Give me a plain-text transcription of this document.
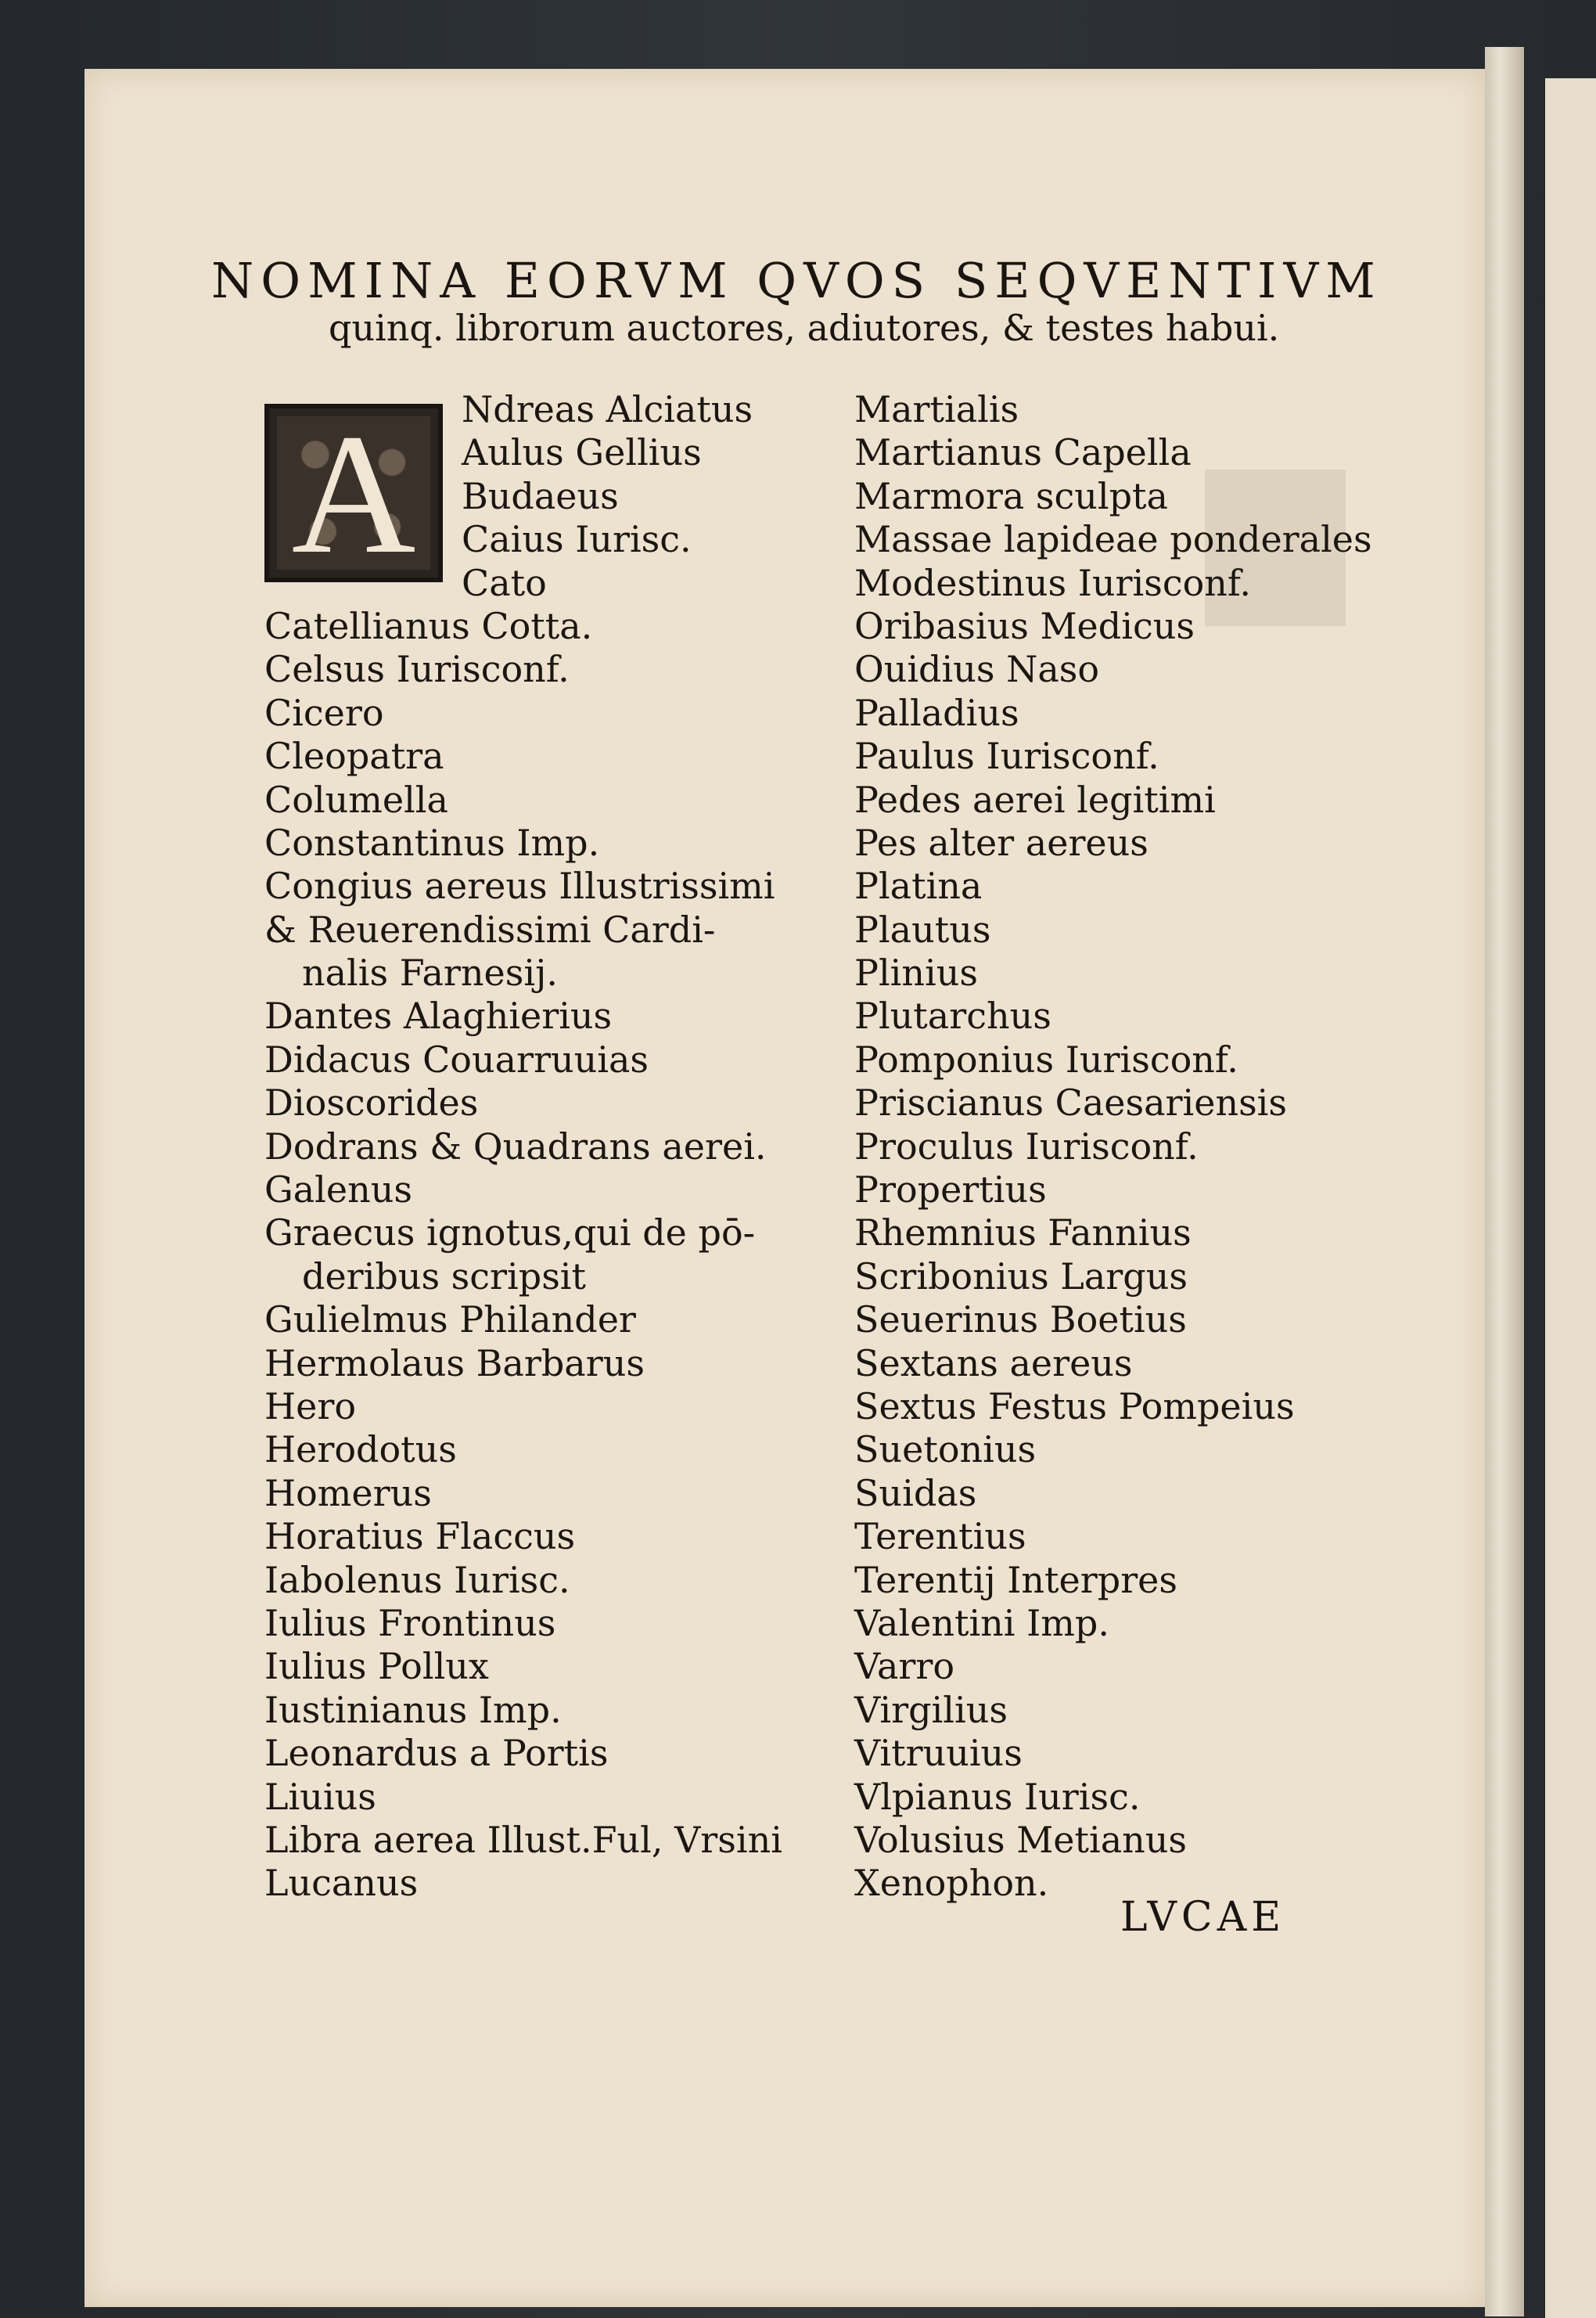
NOMINA EORVM QVOS SEQVENTIVM
quinq. librorum auctores, adiutores, & testes habui.
A	Ndreas Alciatus
Aulus Gellius
Budaeus
Caius Iurisc.
Cato
Catellianus Cotta.
Celsus Iurisconf.
Cicero
Cleopatra
Columella
Constantinus Imp.
Congius aereus Illustrissimi
& Reuerendissimi Cardi-
nalis Farnesij.
Dantes Alaghierius
Didacus Couarruuias
Dioscorides
Dodrans & Quadrans aerei.
Galenus
Graecus ignotus,qui de pō-
deribus scripsit
Gulielmus Philander
Hermolaus Barbarus
Hero
Herodotus
Homerus
Horatius Flaccus
Iabolenus Iurisc.
Iulius Frontinus
Iulius Pollux
Iustinianus Imp.
Leonardus a Portis
Liuius
Libra aerea Illust.Ful, Vrsini
Lucanus
Martialis
Martianus Capella
Marmora sculpta
Massae lapideae ponderales
Modestinus Iurisconf.
Oribasius Medicus
Ouidius Naso
Palladius
Paulus Iurisconf.
Pedes aerei legitimi
Pes alter aereus
Platina
Plautus
Plinius
Plutarchus
Pomponius Iurisconf.
Priscianus Caesariensis
Proculus Iurisconf.
Propertius
Rhemnius Fannius
Scribonius Largus
Seuerinus Boetius
Sextans aereus
Sextus Festus Pompeius
Suetonius
Suidas
Terentius
Terentij Interpres
Valentini Imp.
Varro
Virgilius
Vitruuius
Vlpianus Iurisc.
Volusius Metianus
Xenophon.
LVCAE
